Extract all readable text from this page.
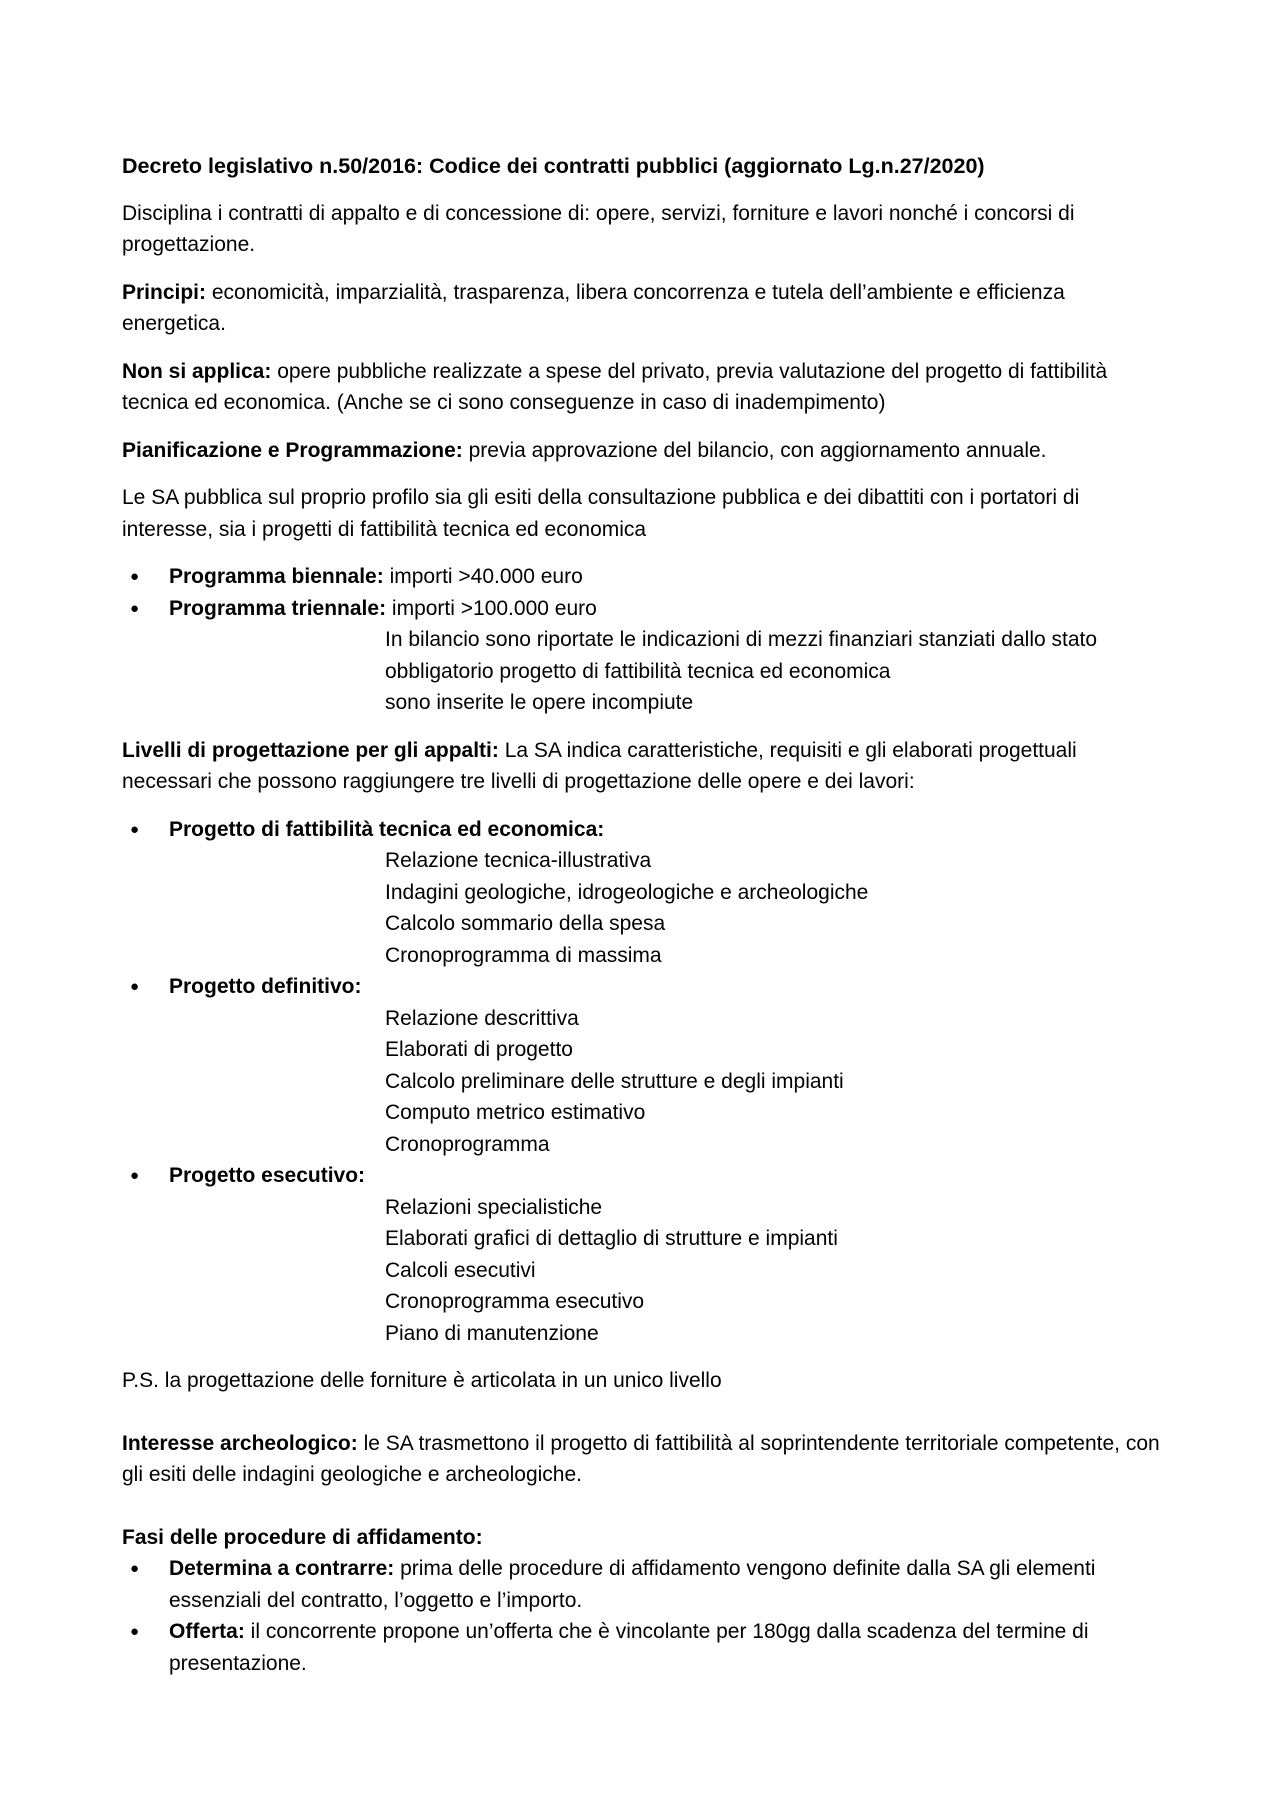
Decreto legislativo n.50/2016: Codice dei contratti pubblici (aggiornato Lg.n.27/2020)

Disciplina i contratti di appalto e di concessione di: opere, servizi, forniture e lavori nonché i concorsi di progettazione.

Principi: economicità, imparzialità, trasparenza, libera concorrenza e tutela dell’ambiente e efficienza energetica.

Non si applica: opere pubbliche realizzate a spese del privato, previa valutazione del progetto di fattibilità tecnica ed economica. (Anche se ci sono conseguenze in caso di inadempimento)

Pianificazione e Programmazione: previa approvazione del bilancio, con aggiornamento annuale.

Le SA pubblica sul proprio profilo sia gli esiti della consultazione pubblica e dei dibattiti con i portatori di interesse, sia i progetti di fattibilità tecnica ed economica

● Programma biennale: importi >40.000 euro
● Programma triennale: importi >100.000 euro
In bilancio sono riportate le indicazioni di mezzi finanziari stanziati dallo stato
obbligatorio progetto di fattibilità tecnica ed economica
sono inserite le opere incompiute

Livelli di progettazione per gli appalti: La SA indica caratteristiche, requisiti e gli elaborati progettuali necessari che possono raggiungere tre livelli di progettazione delle opere e dei lavori:

● Progetto di fattibilità tecnica ed economica:
Relazione tecnica-illustrativa
Indagini geologiche, idrogeologiche e archeologiche
Calcolo sommario della spesa
Cronoprogramma di massima
● Progetto definitivo:
Relazione descrittiva
Elaborati di progetto
Calcolo preliminare delle strutture e degli impianti
Computo metrico estimativo
Cronoprogramma
● Progetto esecutivo:
Relazioni specialistiche
Elaborati grafici di dettaglio di strutture e impianti
Calcoli esecutivi
Cronoprogramma esecutivo
Piano di manutenzione
P.S. la progettazione delle forniture è articolata in un unico livello

Interesse archeologico: le SA trasmettono il progetto di fattibilità al soprintendente territoriale competente, con gli esiti delle indagini geologiche e archeologiche.

Fasi delle procedure di affidamento:
● Determina a contrarre: prima delle procedure di affidamento vengono definite dalla SA gli elementi essenziali del contratto, l’oggetto e l’importo.
● Offerta: il concorrente propone un’offerta che è vincolante per 180gg dalla scadenza del termine di presentazione.
